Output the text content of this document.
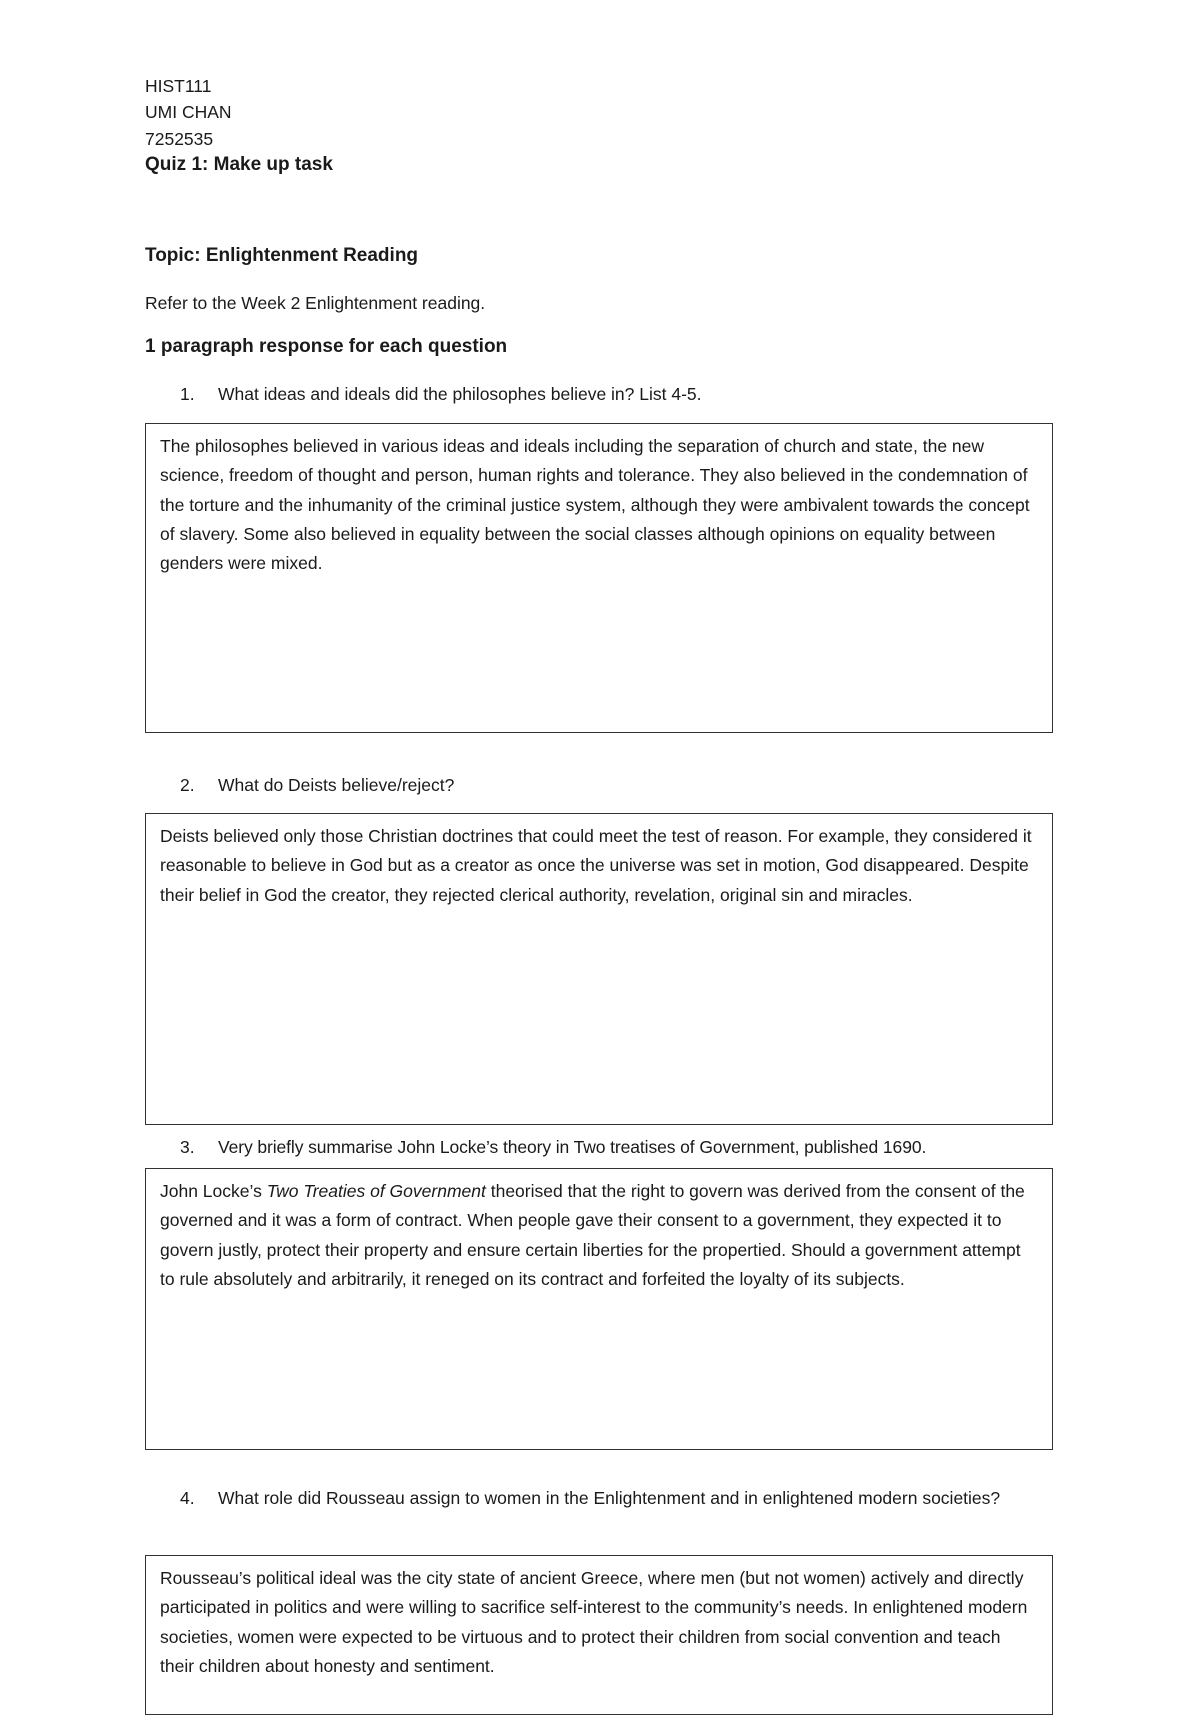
HIST111
UMI CHAN
7252535
Quiz 1: Make up task
Topic: Enlightenment Reading
Refer to the Week 2 Enlightenment reading.
1 paragraph response for each question
1. What ideas and ideals did the philosophes believe in? List 4-5.

The philosophes believed in various ideas and ideals including the separation of church and state, the new science, freedom of thought and person, human rights and tolerance. They also believed in the condemnation of the torture and the inhumanity of the criminal justice system, although they were ambivalent towards the concept of slavery. Some also believed in equality between the social classes although opinions on equality between genders were mixed.

2. What do Deists believe/reject?

Deists believed only those Christian doctrines that could meet the test of reason. For example, they considered it reasonable to believe in God but as a creator as once the universe was set in motion, God disappeared. Despite their belief in God the creator, they rejected clerical authority, revelation, original sin and miracles.

3. Very briefly summarise John Locke’s theory in Two treatises of Government, published 1690.

John Locke’s Two Treaties of Government theorised that the right to govern was derived from the consent of the governed and it was a form of contract. When people gave their consent to a government, they expected it to govern justly, protect their property and ensure certain liberties for the propertied. Should a government attempt to rule absolutely and arbitrarily, it reneged on its contract and forfeited the loyalty of its subjects.

4. What role did Rousseau assign to women in the Enlightenment and in enlightened modern societies?

Rousseau’s political ideal was the city state of ancient Greece, where men (but not women) actively and directly participated in politics and were willing to sacrifice self-interest to the community’s needs. In enlightened modern societies, women were expected to be virtuous and to protect their children from social convention and teach their children about honesty and sentiment.
